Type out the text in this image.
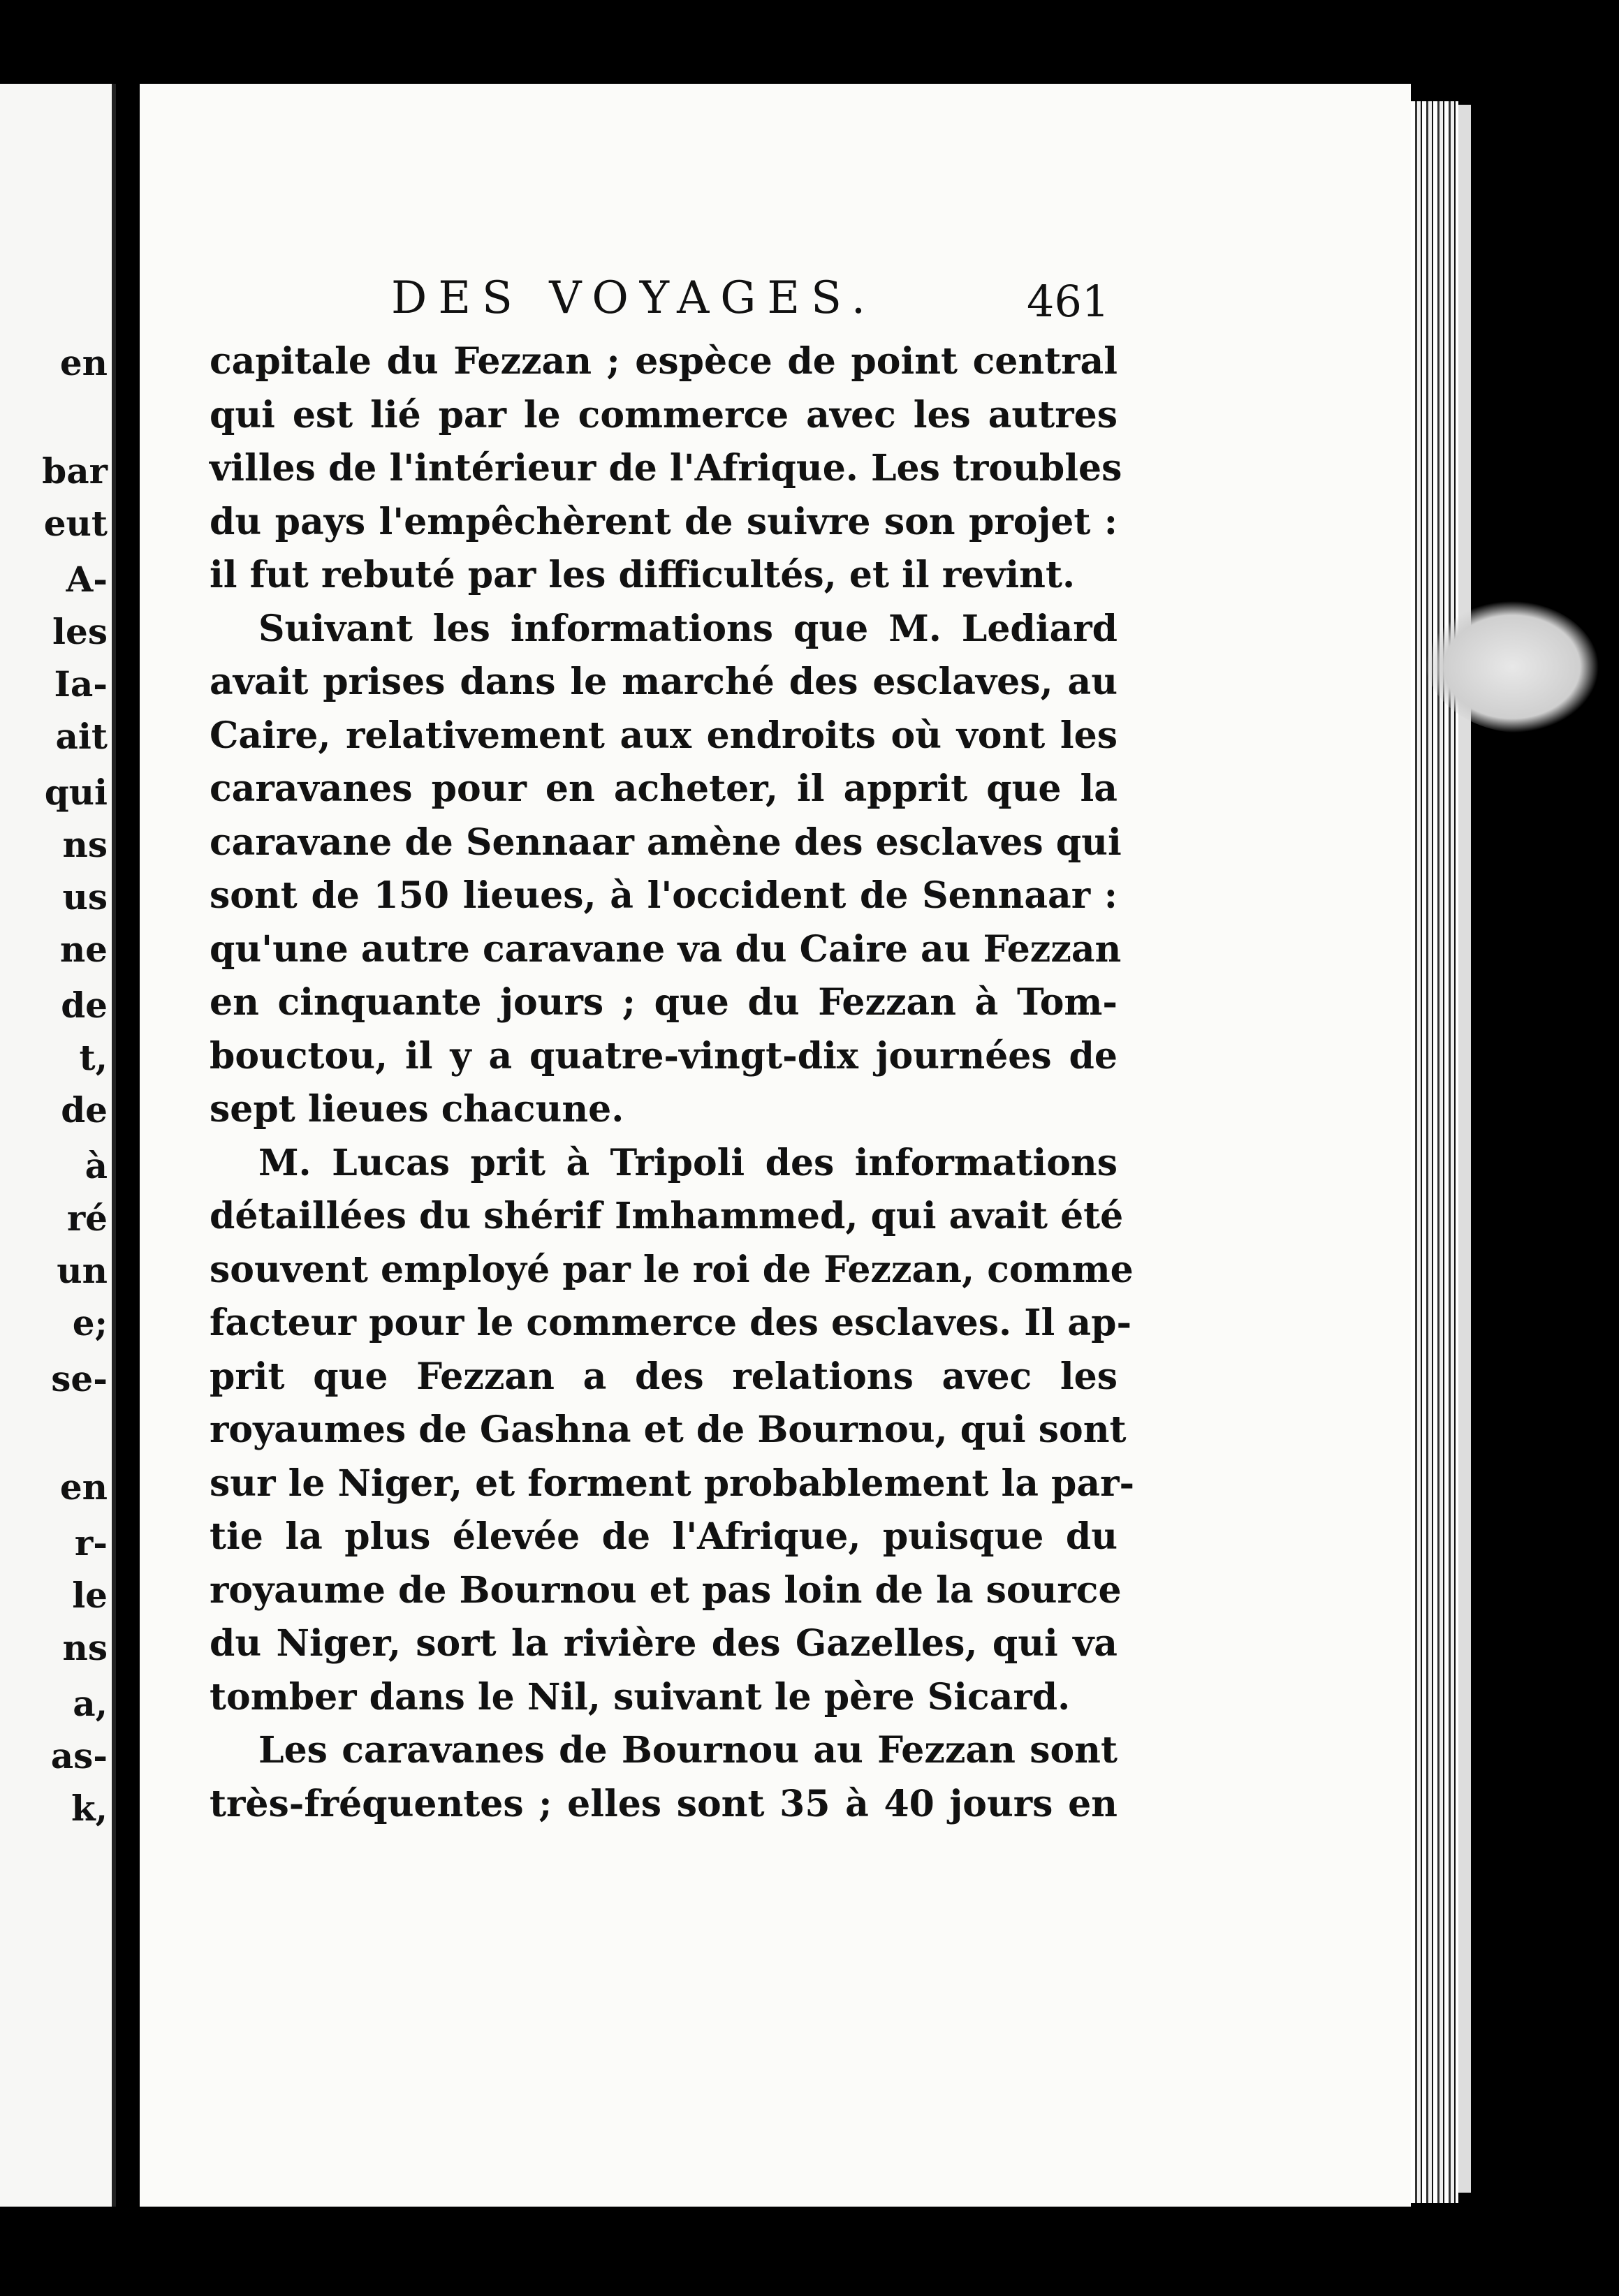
en
bar
eut
A-
les
Ia-
ait
qui
ns
us
ne
de
t,
de
à
ré
un
e;
se-
en
r-
le
ns
a,
as-
k,
DES VOYAGES.	461
capitale du Fezzan ; espèce de point central
qui est lié par le commerce avec les autres
villes de l'intérieur de l'Afrique. Les troubles
du pays l'empêchèrent de suivre son projet :
il fut rebuté par les difficultés, et il revint.
Suivant les informations que M. Lediard
avait prises dans le marché des esclaves, au
Caire, relativement aux endroits où vont les
caravanes pour en acheter, il apprit que la
caravane de Sennaar amène des esclaves qui
sont de 150 lieues, à l'occident de Sennaar :
qu'une autre caravane va du Caire au Fezzan
en cinquante jours ; que du Fezzan à Tom-
bouctou, il y a quatre-vingt-dix journées de
sept lieues chacune.
M. Lucas prit à Tripoli des informations
détaillées du shérif Imhammed, qui avait été
souvent employé par le roi de Fezzan, comme
facteur pour le commerce des esclaves. Il ap-
prit que Fezzan a des relations avec les
royaumes de Gashna et de Bournou, qui sont
sur le Niger, et forment probablement la par-
tie la plus élevée de l'Afrique, puisque du
royaume de Bournou et pas loin de la source
du Niger, sort la rivière des Gazelles, qui va
tomber dans le Nil, suivant le père Sicard.
Les caravanes de Bournou au Fezzan sont
très-fréquentes ; elles sont 35 à 40 jours en
